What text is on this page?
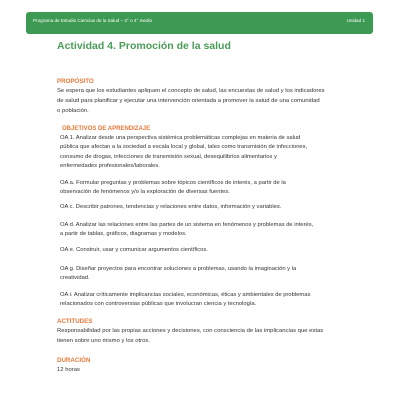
Programa de Estudio Ciencias de la Salud – 3° o 4° medio	Unidad 1
Actividad 4. Promoción de la salud
PROPÓSITO
Se espera que los estudiantes apliquen el concepto de salud, las encuestas de salud y los indicadores
de salud para planificar y ejecutar una intervención orientada a promover la salud de una comunidad
o población.
OBJETIVOS DE APRENDIZAJE
OA 1. Analizar desde una perspectiva sistémica problemáticas complejas en materia de salud
pública que afectan a la sociedad a escala local y global, tales como transmisión de infecciones,
consumo de drogas, infecciones de transmisión sexual, desequilibrios alimentarios y
enfermedades profesionales/laborales.
OA a. Formular preguntas y problemas sobre tópicos científicos de interés, a partir de la
observación de fenómenos y/o la exploración de diversas fuentes.
OA c. Describir patrones, tendencias y relaciones entre datos, información y variables.
OA d. Analizar las relaciones entre las partes de un sistema en fenómenos y problemas de interés,
a partir de tablas, gráficos, diagramas y modelos.
OA e. Construir, usar y comunicar argumentos científicos.
OA g. Diseñar proyectos para encontrar soluciones a problemas, usando la imaginación y la
creatividad.
OA i. Analizar críticamente implicancias sociales, económicas, éticas y ambientales de problemas
relacionados con controversias públicas que involucran ciencia y tecnología.
ACTITUDES
Responsabilidad por las propias acciones y decisiones, con consciencia de las implicancias que estas
tienen sobre uno mismo y los otros.
DURACIÓN
12 horas
